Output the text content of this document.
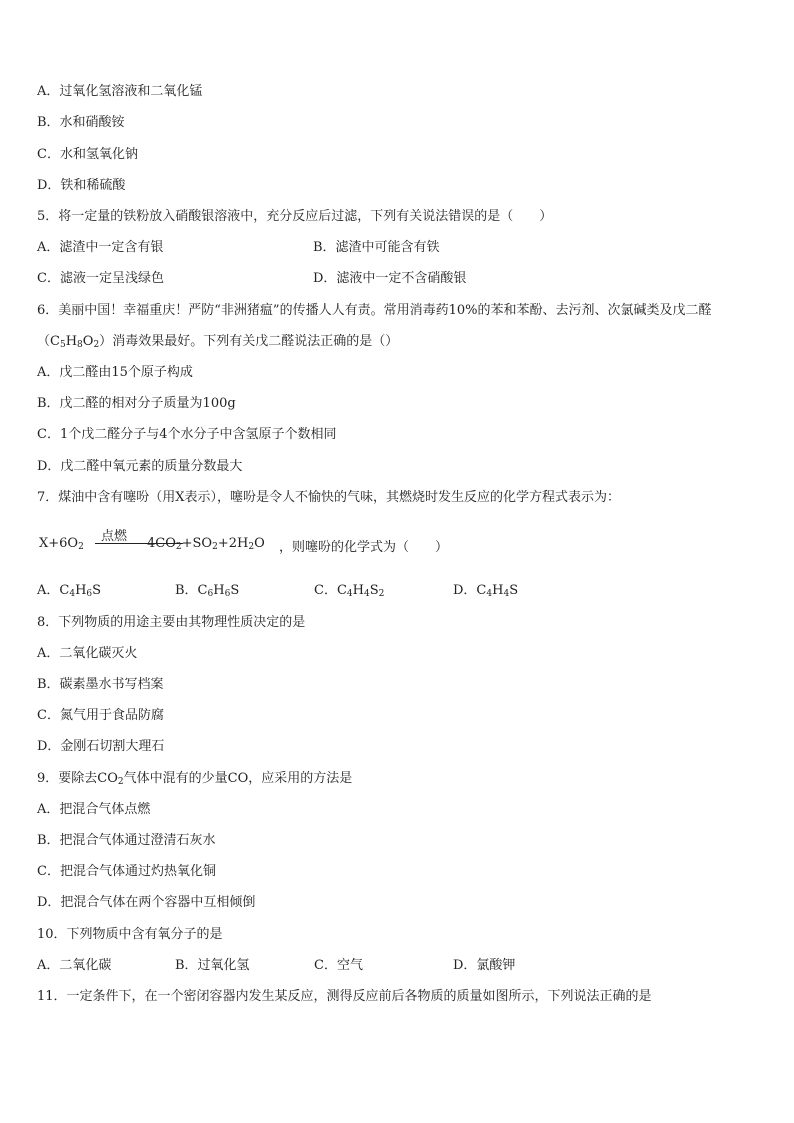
A．过氧化氢溶液和二氧化锰
B．水和硝酸铵
C．水和氢氧化钠
D．铁和稀硫酸
5．将一定量的铁粉放入硝酸银溶液中，充分反应后过滤，下列有关说法错误的是（　　）
A．滤渣中一定含有银	B．滤渣中可能含有铁
C．滤液一定呈浅绿色	D．滤液中一定不含硝酸银
6．美丽中国！幸福重庆！严防“非洲猪瘟”的传播人人有责。常用消毒药10%的苯和苯酚、去污剂、次氯碱类及戊二醛
$(C_5H_8O_2)$消毒效果最好。下列有关戊二醛说法正确的是（）
A．戊二醛由15个原子构成
B．戊二醛的相对分子质量为100g
C．1个戊二醛分子与4个水分子中含氢原子个数相同
D．戊二醛中氧元素的质量分数最大
7．煤油中含有噻吩（用X表示），噻吩是令人不愉快的气味，其燃烧时发生反应的化学方程式表示为：
$X+6O_2$
点燃 $4CO_2+SO_2+2H_2O$ ，则噻吩的化学式为（　　）
A．$C_4H_6S$	B．$C_6H_6S$	C．$C_4H_4S_2$	D．$C_4H_4S$
8．下列物质的用途主要由其物理性质决定的是
A．二氧化碳灭火
B．碳素墨水书写档案
C．氮气用于食品防腐
D．金刚石切割大理石
9．要除去$CO_2$气体中混有的少量CO，应采用的方法是
A．把混合气体点燃
B．把混合气体通过澄清石灰水
C．把混合气体通过灼热氧化铜
D．把混合气体在两个容器中互相倾倒
10．下列物质中含有氧分子的是
A．二氧化碳	B．过氧化氢	C．空气	D．氯酸钾
11．一定条件下，在一个密闭容器内发生某反应，测得反应前后各物质的质量如图所示，下列说法正确的是
